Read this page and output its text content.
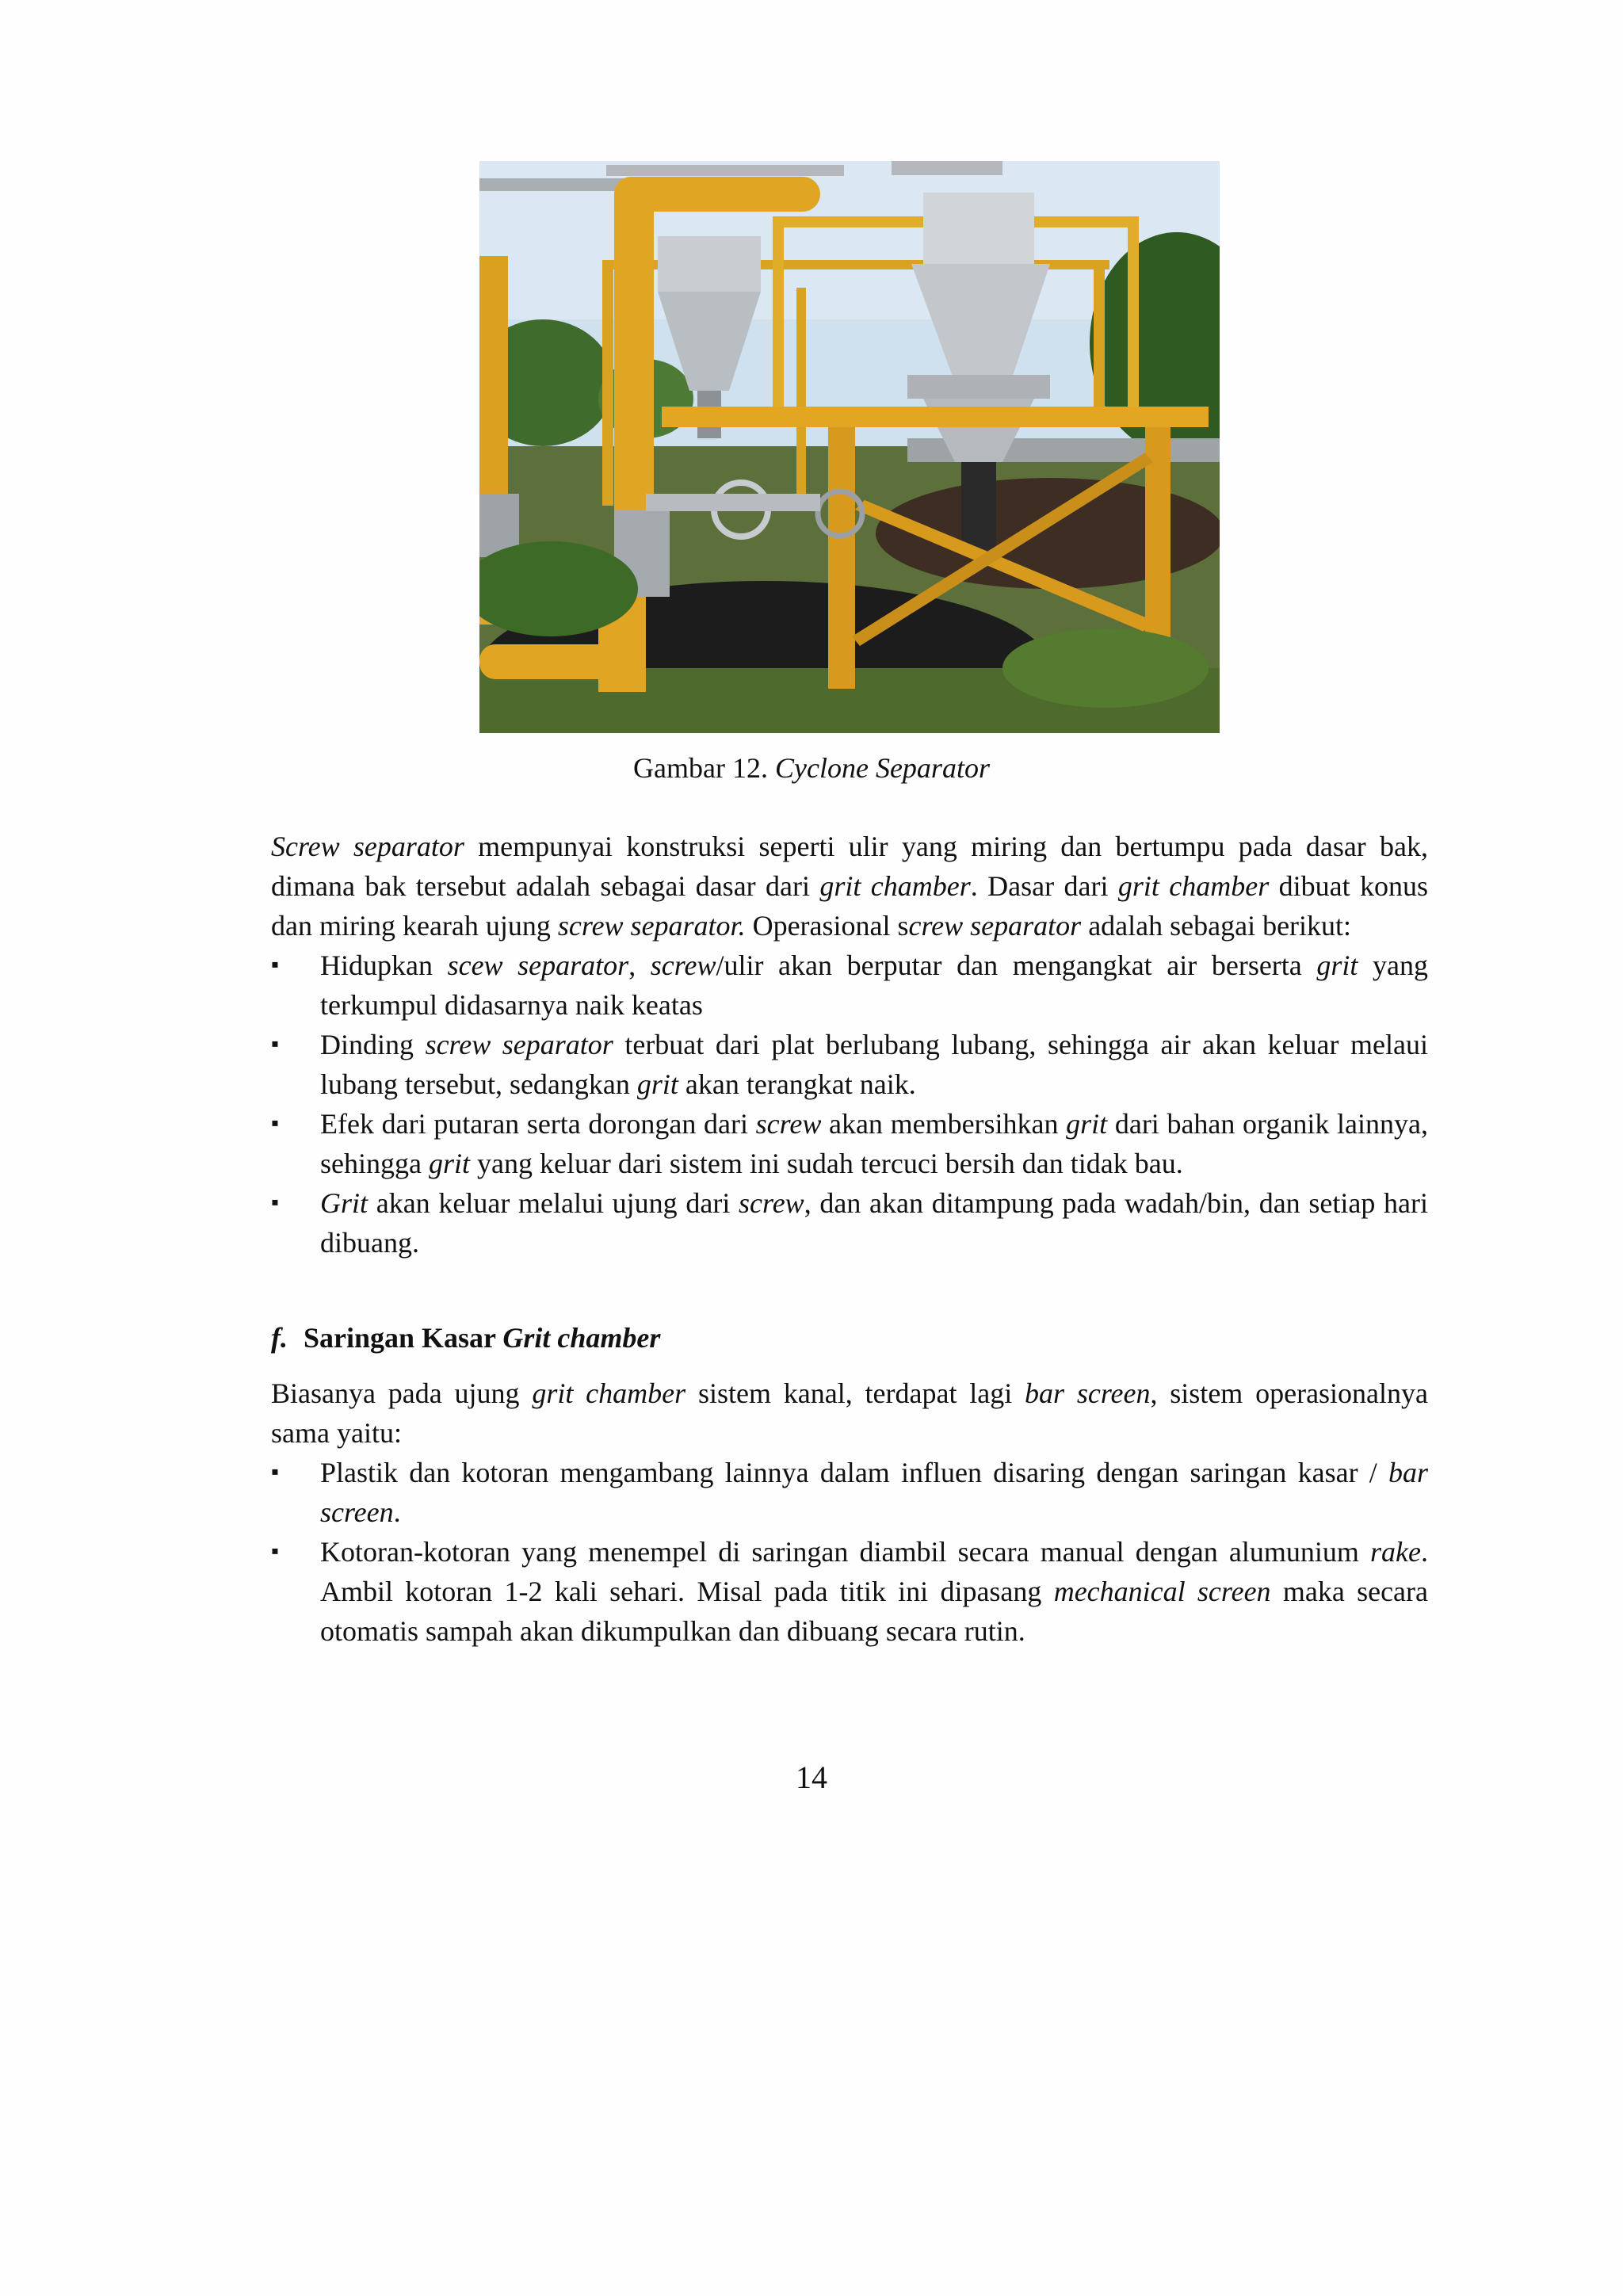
Gambar 12. Cyclone Separator

Screw separator mempunyai konstruksi seperti ulir yang miring dan bertumpu pada dasar bak, dimana bak tersebut adalah sebagai dasar dari grit chamber. Dasar dari grit chamber dibuat konus dan miring kearah ujung screw separator. Operasional screw separator adalah sebagai berikut:

▪ Hidupkan scew separator, screw/ulir akan berputar dan mengangkat air berserta grit yang terkumpul didasarnya naik keatas
▪ Dinding screw separator terbuat dari plat berlubang lubang, sehingga air akan keluar melaui lubang tersebut, sedangkan grit akan terangkat naik.
▪ Efek dari putaran serta dorongan dari screw akan membersihkan grit dari bahan organik lainnya, sehingga grit yang keluar dari sistem ini sudah tercuci bersih dan tidak bau.
▪ Grit akan keluar melalui ujung dari screw, dan akan ditampung pada wadah/bin, dan setiap hari dibuang.
f. Saringan Kasar Grit chamber

Biasanya pada ujung grit chamber sistem kanal, terdapat lagi bar screen, sistem operasionalnya sama yaitu:

▪ Plastik dan kotoran mengambang lainnya dalam influen disaring dengan saringan kasar / bar screen.
▪ Kotoran-kotoran yang menempel di saringan diambil secara manual dengan alumunium rake. Ambil kotoran 1-2 kali sehari. Misal pada titik ini dipasang mechanical screen maka secara otomatis sampah akan dikumpulkan dan dibuang secara rutin.
14
